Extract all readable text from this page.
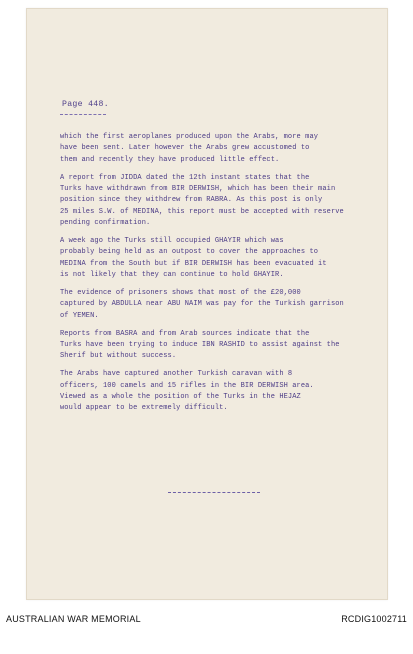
Page 448.

which the first aeroplanes produced upon the Arabs, more may
have been sent. Later however the Arabs grew accustomed to
them and recently they have produced little effect.

A report from JIDDA dated the 12th instant states that the
Turks have withdrawn from BIR DERWISH, which has been their main
position since they withdrew from RABRA. As this post is only
25 miles S.W. of MEDINA, this report must be accepted with reserve
pending confirmation.

A week ago the Turks still occupied GHAYIR which was
probably being held as an outpost to cover the approaches to
MEDINA from the South but if BIR DERWISH has been evacuated it
is not likely that they can continue to hold GHAYIR.

The evidence of prisoners shows that most of the £20,000
captured by ABDULLA near ABU NAIM was pay for the Turkish garrison
of YEMEN.

Reports from BASRA and from Arab sources indicate that the
Turks have been trying to induce IBN RASHID to assist against the
Sherif but without success.

The Arabs have captured another Turkish caravan with 8
officers, 100 camels and 15 rifles in the BIR DERWISH area.
Viewed as a whole the position of the Turks in the HEJAZ
would appear to be extremely difficult.

AUSTRALIAN WAR MEMORIAL	RCDIG1002711
